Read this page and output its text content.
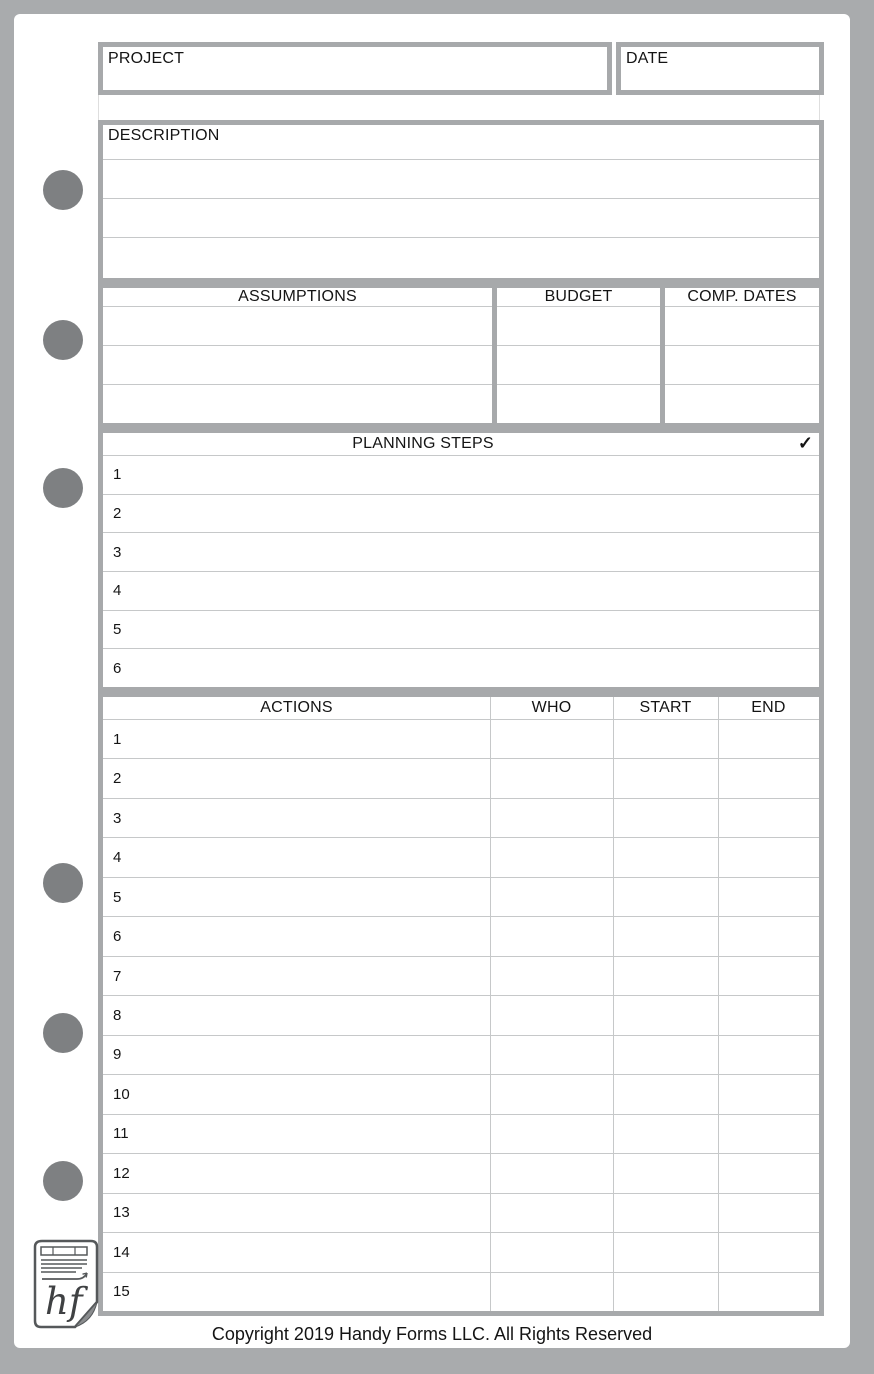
PROJECT	DATE
DESCRIPTION
ASSUMPTIONS	BUDGET	COMP. DATES
PLANNING STEPS	✓
1
2
3
4
5
6
ACTIONS	WHO	START	END
1
2
3
4
5
6
7
8
9
10
11
12
13
14
15
hf
Copyright 2019 Handy Forms LLC. All Rights Reserved
